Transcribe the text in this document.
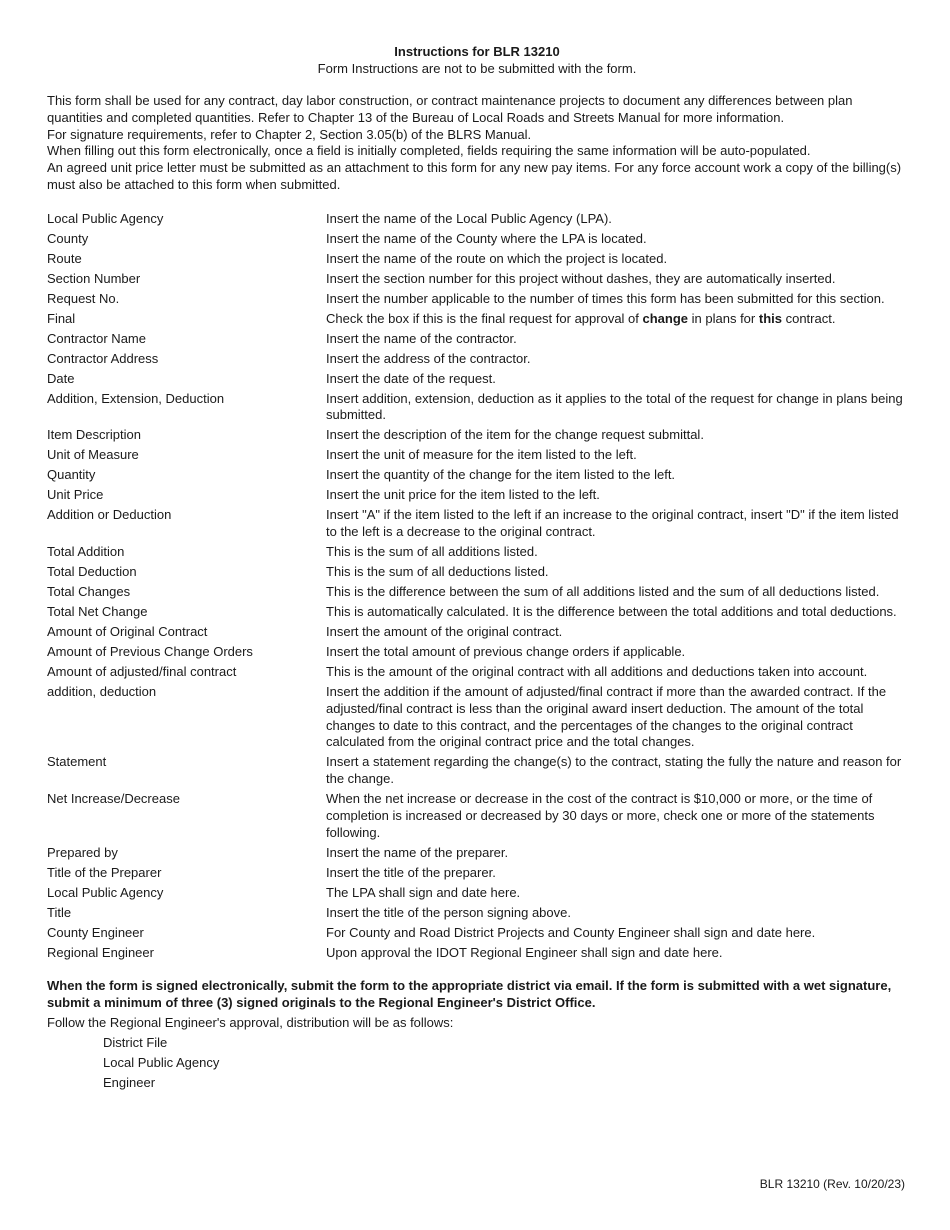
Instructions for BLR 13210
Form Instructions are not to be submitted with the form.

This form shall be used for any contract, day labor construction, or contract maintenance projects to document any differences between plan quantities and completed quantities. Refer to Chapter 13 of the Bureau of Local Roads and Streets Manual for more information.

For signature requirements, refer to Chapter 2, Section 3.05(b) of the BLRS Manual.

When filling out this form electronically, once a field is initially completed, fields requiring the same information will be auto-populated.

An agreed unit price letter must be submitted as an attachment to this form for any new pay items. For any force account work a copy of the billing(s) must also be attached to this form when submitted.

Local Public Agency	Insert the name of the Local Public Agency (LPA).
County	Insert the name of the County where the LPA is located.
Route	Insert the name of the route on which the project is located.
Section Number	Insert the section number for this project without dashes, they are automatically inserted.
Request No.	Insert the number applicable to the number of times this form has been submitted for this section.
Final	Check the box if this is the final request for approval of change in plans for this contract.
Contractor Name	Insert the name of the contractor.
Contractor Address	Insert the address of the contractor.
Date	Insert the date of the request.
Addition, Extension, Deduction	Insert addition, extension, deduction as it applies to the total of the request for change in plans being submitted.
Item Description	Insert the description of the item for the change request submittal.
Unit of Measure	Insert the unit of measure for the item listed to the left.
Quantity	Insert the quantity of the change for the item listed to the left.
Unit Price	Insert the unit price for the item listed to the left.
Addition or Deduction	Insert "A" if the item listed to the left if an increase to the original contract, insert "D" if the item listed to the left is a decrease to the original contract.
Total Addition	This is the sum of all additions listed.
Total Deduction	This is the sum of all deductions listed.
Total Changes	This is the difference between the sum of all additions listed and the sum of all deductions listed.
Total Net Change	This is automatically calculated. It is the difference between the total additions and total deductions.
Amount of Original Contract	Insert the amount of the original contract.
Amount of Previous Change Orders	Insert the total amount of previous change orders if applicable.
Amount of adjusted/final contract	This is the amount of the original contract with all additions and deductions taken into account.
addition, deduction	Insert the addition if the amount of adjusted/final contract if more than the awarded contract. If the adjusted/final contract is less than the original award insert deduction. The amount of the total changes to date to this contract, and the percentages of the changes to the original contract calculated from the original contract price and the total changes.
Statement	Insert a statement regarding the change(s) to the contract, stating the fully the nature and reason for the change.
Net Increase/Decrease	When the net increase or decrease in the cost of the contract is $10,000 or more, or the time of completion is increased or decreased by 30 days or more, check one or more of the statements following.
Prepared by	Insert the name of the preparer.
Title of the Preparer	Insert the title of the preparer.
Local Public Agency	The LPA shall sign and date here.
Title	Insert the title of the person signing above.
County Engineer	For County and Road District Projects and County Engineer shall sign and date here.
Regional Engineer	Upon approval the IDOT Regional Engineer shall sign and date here.
When the form is signed electronically, submit the form to the appropriate district via email. If the form is submitted with a wet signature, submit a minimum of three (3) signed originals to the Regional Engineer's District Office.
Follow the Regional Engineer's approval, distribution will be as follows:
District File
Local Public Agency
Engineer
BLR 13210 (Rev. 10/20/23)
